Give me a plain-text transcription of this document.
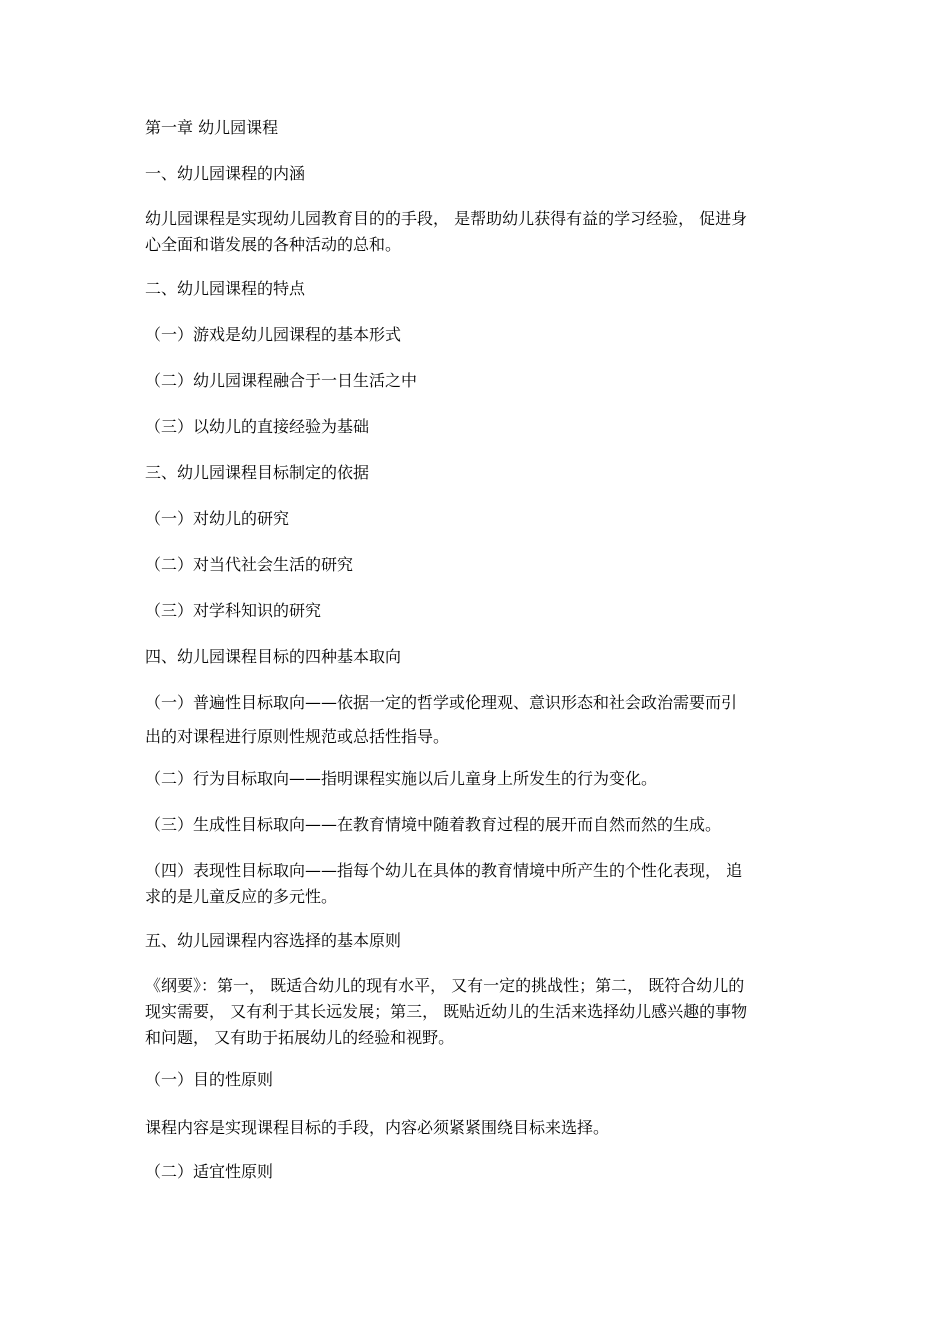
第一章 幼儿园课程
一、幼儿园课程的内涵
幼儿园课程是实现幼儿园教育目的的手段， 是帮助幼儿获得有益的学习经验， 促进身
心全面和谐发展的各种活动的总和。
二、幼儿园课程的特点
（一）游戏是幼儿园课程的基本形式
（二）幼儿园课程融合于一日生活之中
（三）以幼儿的直接经验为基础
三、幼儿园课程目标制定的依据
（一）对幼儿的研究
（二）对当代社会生活的研究
（三）对学科知识的研究
四、幼儿园课程目标的四种基本取向
（一）普遍性目标取向——依据一定的哲学或伦理观、意识形态和社会政治需要而引
出的对课程进行原则性规范或总括性指导。
（二）行为目标取向——指明课程实施以后儿童身上所发生的行为变化。
（三）生成性目标取向——在教育情境中随着教育过程的展开而自然而然的生成。
（四）表现性目标取向——指每个幼儿在具体的教育情境中所产生的个性化表现， 追
求的是儿童反应的多元性。
五、幼儿园课程内容选择的基本原则
《纲要》：第一， 既适合幼儿的现有水平， 又有一定的挑战性；第二， 既符合幼儿的
现实需要， 又有利于其长远发展；第三， 既贴近幼儿的生活来选择幼儿感兴趣的事物
和问题， 又有助于拓展幼儿的经验和视野。
（一）目的性原则
课程内容是实现课程目标的手段，内容必须紧紧围绕目标来选择。
（二）适宜性原则
